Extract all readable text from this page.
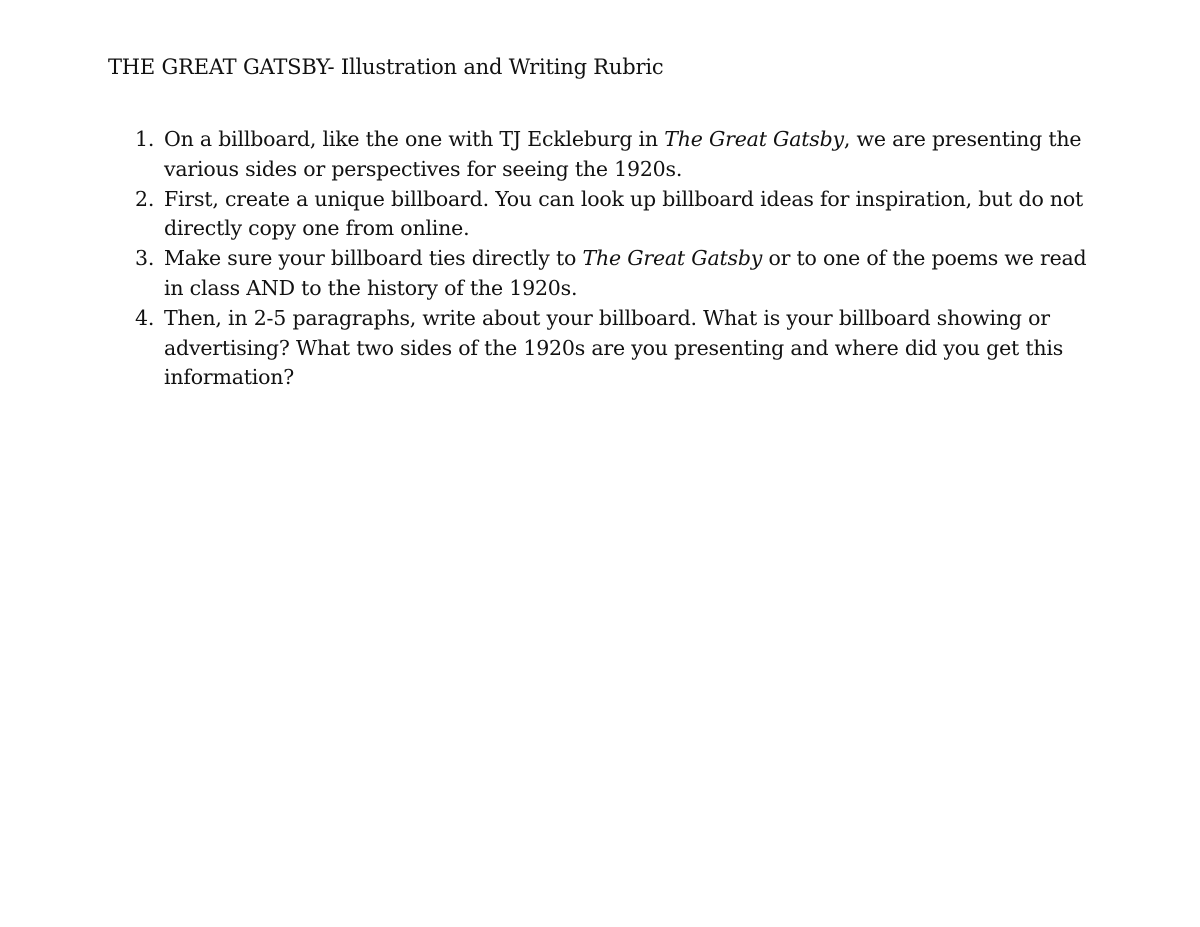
THE GREAT GATSBY- Illustration and Writing Rubric
1. On a billboard, like the one with TJ Eckleburg in The Great Gatsby, we are presenting the various sides or perspectives for seeing the 1920s.
2. First, create a unique billboard. You can look up billboard ideas for inspiration, but do not directly copy one from online.
3. Make sure your billboard ties directly to The Great Gatsby or to one of the poems we read in class AND to the history of the 1920s.
4. Then, in 2-5 paragraphs, write about your billboard. What is your billboard showing or advertising? What two sides of the 1920s are you presenting and where did you get this information?
